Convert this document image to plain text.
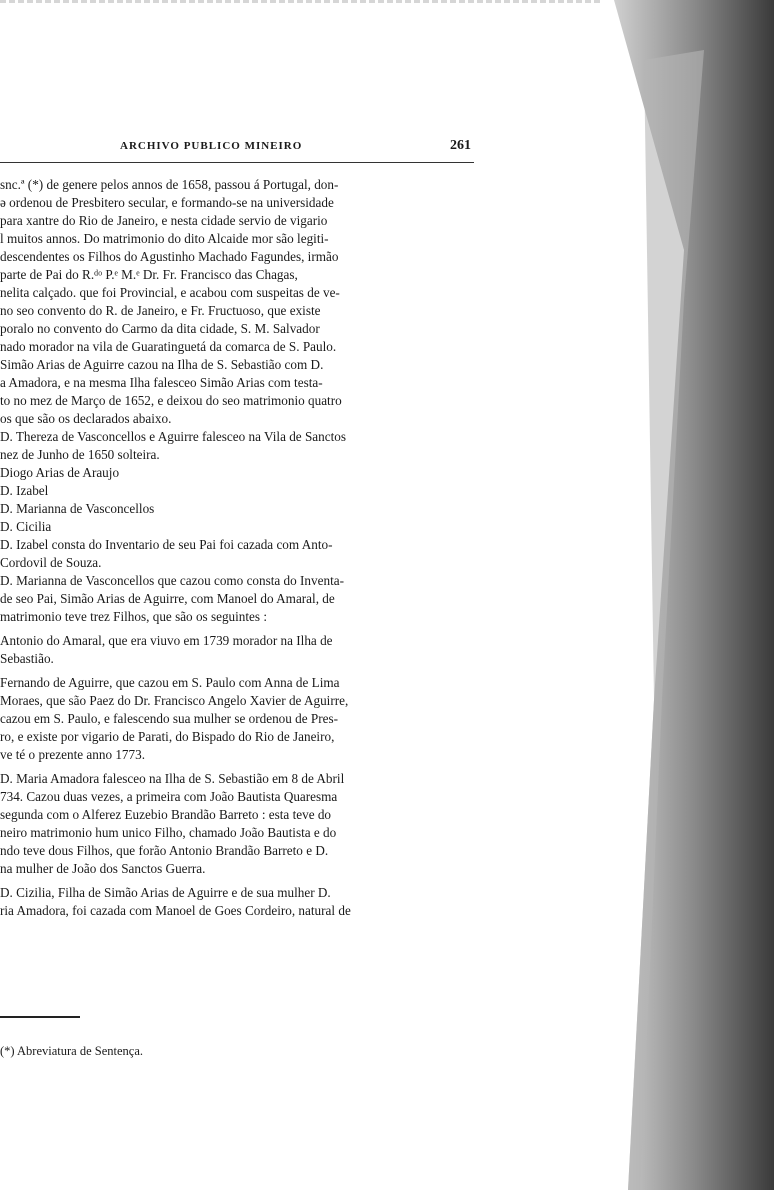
ARCHIVO PUBLICO MINEIRO	261
snc.ª (*) de genere pelos annos de 1658, passou á Portugal, don-
ə ordenou de Presbitero secular, e formando-se na universidade
para xantre do Rio de Janeiro, e nesta cidade servio de vigario
l muitos annos. Do matrimonio do dito Alcaide mor são legiti-
descendentes os Filhos do Agustinho Machado Fagundes, irmão
parte de Pai do R.ᵈᵒ P.ᵉ M.ᵉ Dr. Fr. Francisco das Chagas,
nelita calçado. que foi Provincial, e acabou com suspeitas de ve-
no seo convento do R. de Janeiro, e Fr. Fructuoso, que existe
poralo no convento do Carmo da dita cidade, S. M. Salvador
nado morador na vila de Guaratinguetá da comarca de S. Paulo.
Simão Arias de Aguirre cazou na Ilha de S. Sebastião com D.
a Amadora, e na mesma Ilha falesceo Simão Arias com testa-
to no mez de Março de 1652, e deixou do seo matrimonio quatro
os que são os declarados abaixo.
D. Thereza de Vasconcellos e Aguirre falesceo na Vila de Sanctos
nez de Junho de 1650 solteira.
Diogo Arias de Araujo
D. Izabel
D. Marianna de Vasconcellos
D. Cicilia
D. Izabel consta do Inventario de seu Pai foi cazada com Anto-
Cordovil de Souza.
D. Marianna de Vasconcellos que cazou como consta do Inventa-
de seo Pai, Simão Arias de Aguirre, com Manoel do Amaral, de
matrimonio teve trez Filhos, que são os seguintes :
Antonio do Amaral, que era viuvo em 1739 morador na Ilha de
Sebastião.
Fernando de Aguirre, que cazou em S. Paulo com Anna de Lima
Moraes, que são Paez do Dr. Francisco Angelo Xavier de Aguirre,
cazou em S. Paulo, e falescendo sua mulher se ordenou de Pres-
ro, e existe por vigario de Parati, do Bispado do Rio de Janeiro,
ve té o prezente anno 1773.
D. Maria Amadora falesceo na Ilha de S. Sebastião em 8 de Abril
734. Cazou duas vezes, a primeira com João Bautista Quaresma
segunda com o Alferez Euzebio Brandão Barreto : esta teve do
neiro matrimonio hum unico Filho, chamado João Bautista e do
ndo teve dous Filhos, que forão Antonio Brandão Barreto e D.
na mulher de João dos Sanctos Guerra.
D. Cizilia, Filha de Simão Arias de Aguirre e de sua mulher D.
ria Amadora, foi cazada com Manoel de Goes Cordeiro, natural de
(*) Abreviatura de Sentença.
